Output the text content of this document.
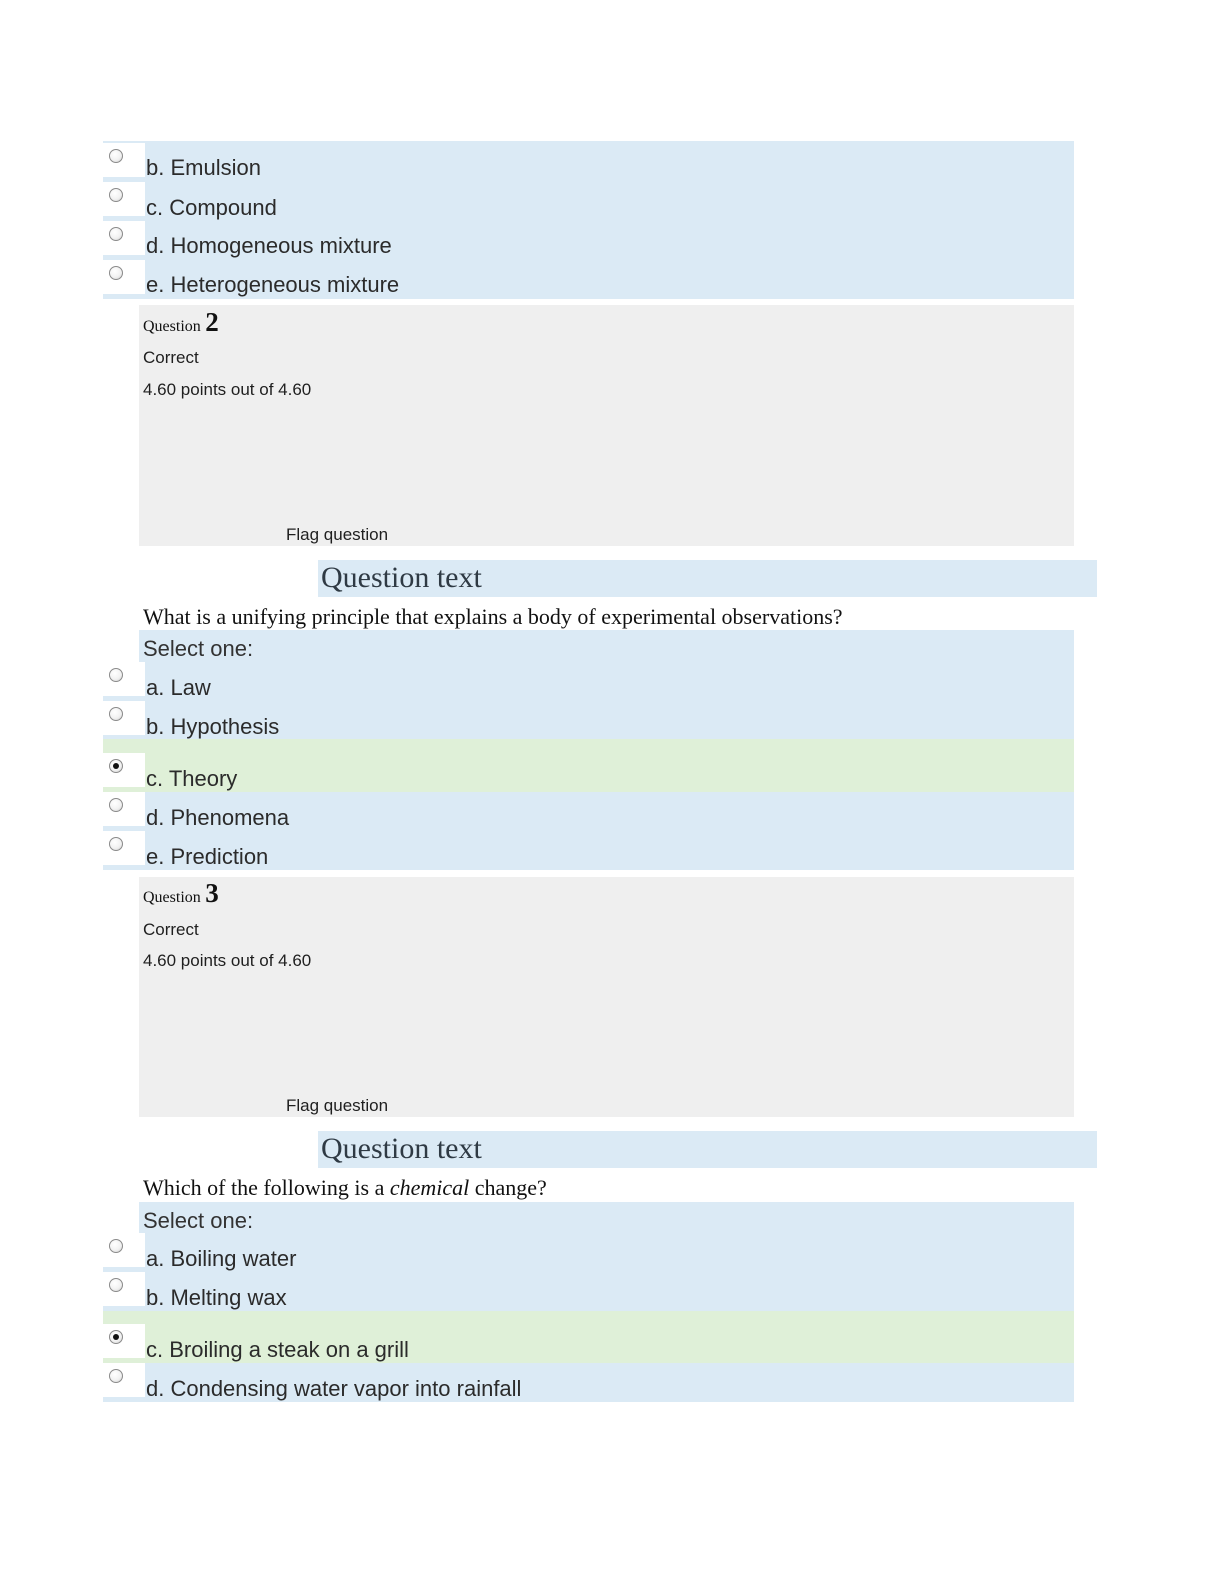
b. Emulsion
c. Compound
d. Homogeneous mixture
e. Heterogeneous mixture
Question 2
Correct
4.60 points out of 4.60
Flag question
Question text
What is a unifying principle that explains a body of experimental observations?
Select one:
a. Law
b. Hypothesis
c. Theory
d. Phenomena
e. Prediction
Question 3
Correct
4.60 points out of 4.60
Flag question
Question text
Which of the following is a chemical change?
Select one:
a. Boiling water
b. Melting wax
c. Broiling a steak on a grill
d. Condensing water vapor into rainfall
